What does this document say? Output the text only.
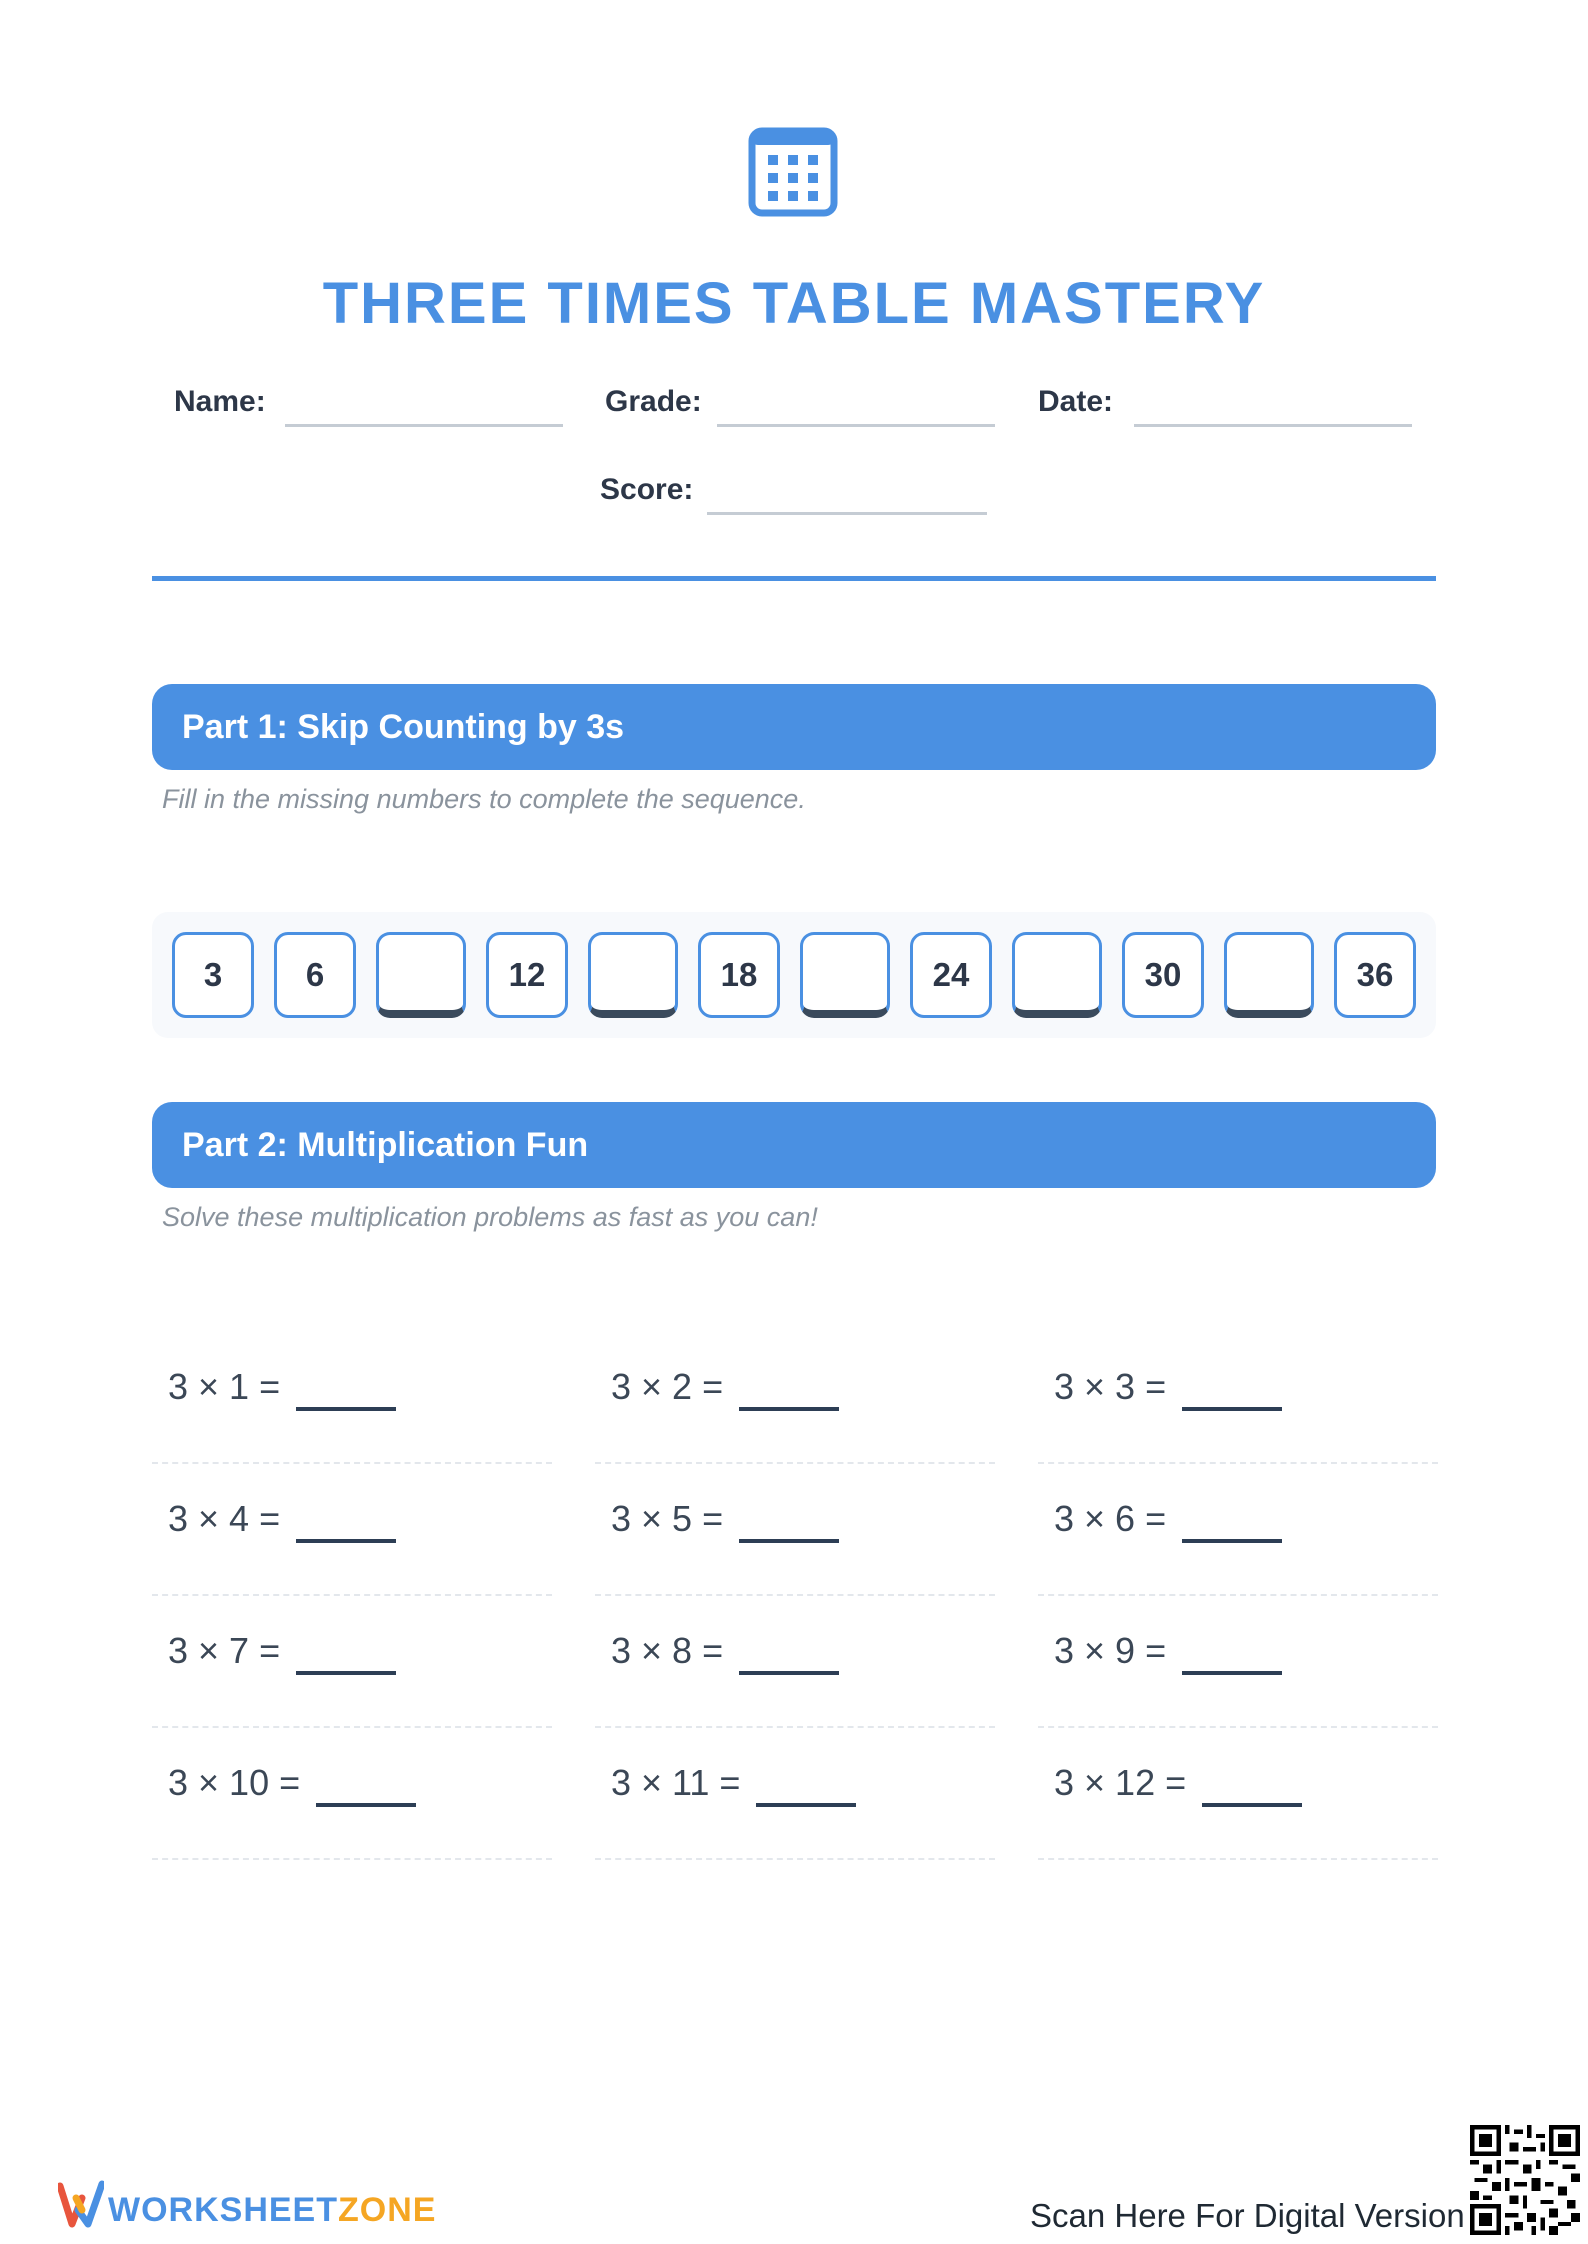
THREE TIMES TABLE MASTERY
Name:	Grade:	Date:
Score:
Part 1: Skip Counting by 3s
Fill in the missing numbers to complete the sequence.
3	6	12	18	24	30	36
Part 2: Multiplication Fun
Solve these multiplication problems as fast as you can!
3 × 1 =	3 × 2 =	3 × 3 =
3 × 4 =	3 × 5 =	3 × 6 =
3 × 7 =	3 × 8 =	3 × 9 =
3 × 10 =	3 × 11 =	3 × 12 =
WORKSHEETZONE	Scan Here For Digital Version
